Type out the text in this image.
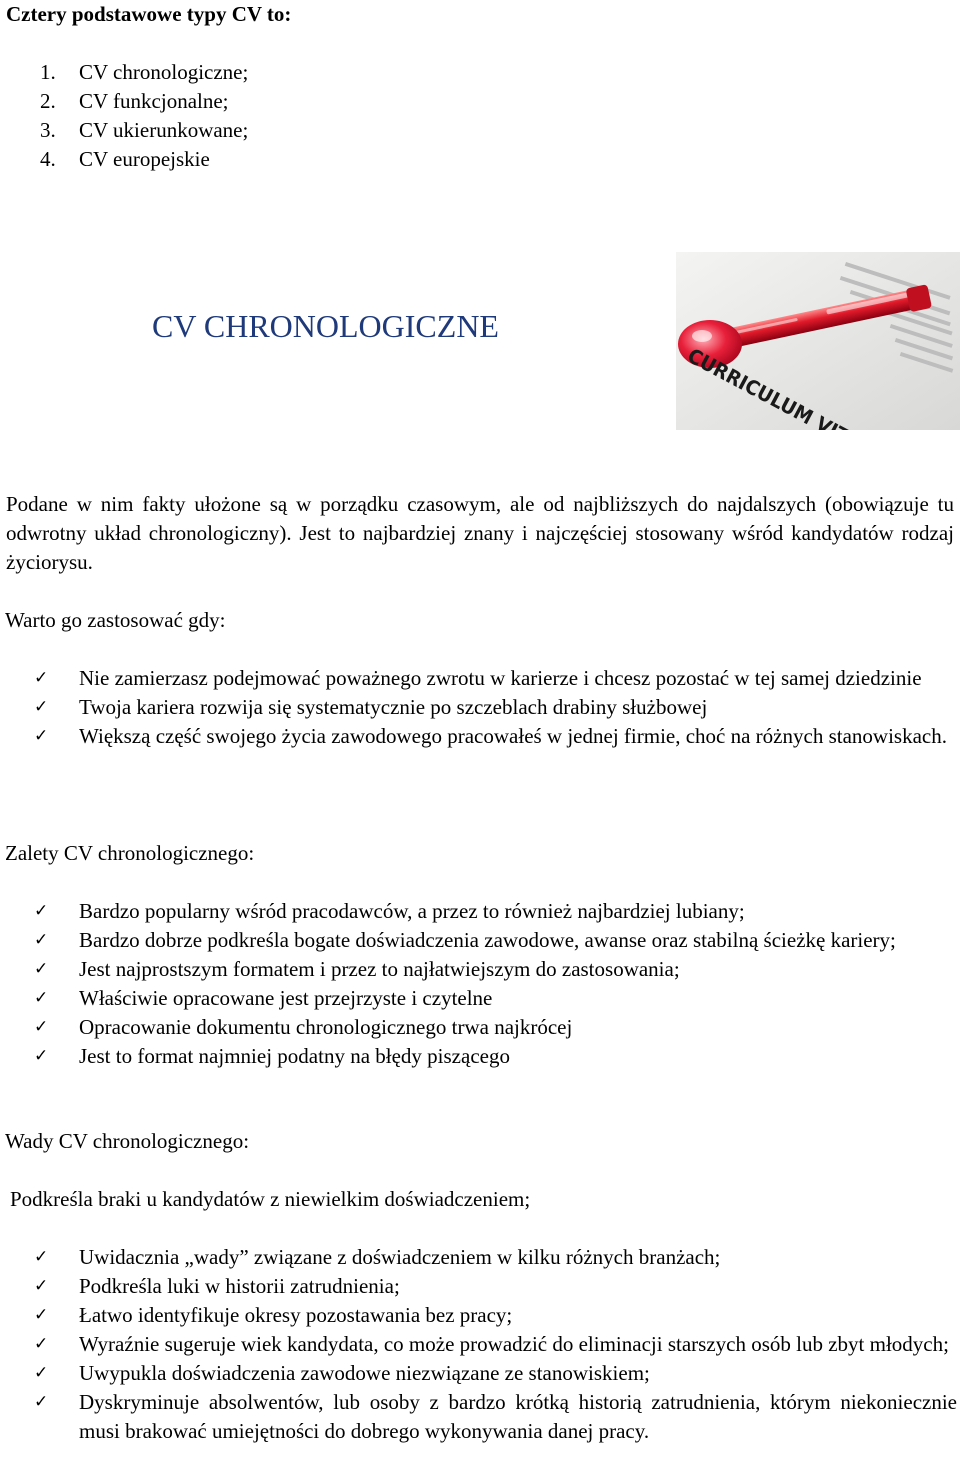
Cztery podstawowe typy CV to:
1. CV chronologiczne;
2. CV funkcjonalne;
3. CV ukierunkowane;
4. CV europejskie
CV CHRONOLOGICZNE
Podane w nim fakty ułożone są w porządku czasowym, ale od najbliższych do najdalszych (obowiązuje tu odwrotny układ chronologiczny). Jest to najbardziej znany i najczęściej stosowany wśród kandydatów rodzaj życiorysu.
Warto go zastosować gdy:
✓ Nie zamierzasz podejmować poważnego zwrotu w karierze i chcesz pozostać w tej samej dziedzinie
✓ Twoja kariera rozwija się systematycznie po szczeblach drabiny służbowej
✓ Większą część swojego życia zawodowego pracowałeś w jednej firmie, choć na różnych stanowiskach.
Zalety CV chronologicznego:
✓ Bardzo popularny wśród pracodawców, a przez to również najbardziej lubiany;
✓ Bardzo dobrze podkreśla bogate doświadczenia zawodowe, awanse oraz stabilną ścieżkę kariery;
✓ Jest najprostszym formatem i przez to najłatwiejszym do zastosowania;
✓ Właściwie opracowane jest przejrzyste i czytelne
✓ Opracowanie dokumentu chronologicznego trwa najkrócej
✓ Jest to format najmniej podatny na błędy piszącego
Wady CV chronologicznego:
Podkreśla braki u kandydatów z niewielkim doświadczeniem;
✓ Uwidacznia „wady” związane z doświadczeniem w kilku różnych branżach;
✓ Podkreśla luki w historii zatrudnienia;
✓ Łatwo identyfikuje okresy pozostawania bez pracy;
✓ Wyraźnie sugeruje wiek kandydata, co może prowadzić do eliminacji starszych osób lub zbyt młodych;
✓ Uwypukla doświadczenia zawodowe niezwiązane ze stanowiskiem;
✓ Dyskryminuje absolwentów, lub osoby z bardzo krótką historią zatrudnienia, którym niekoniecznie musi brakować umiejętności do dobrego wykonywania danej pracy.
